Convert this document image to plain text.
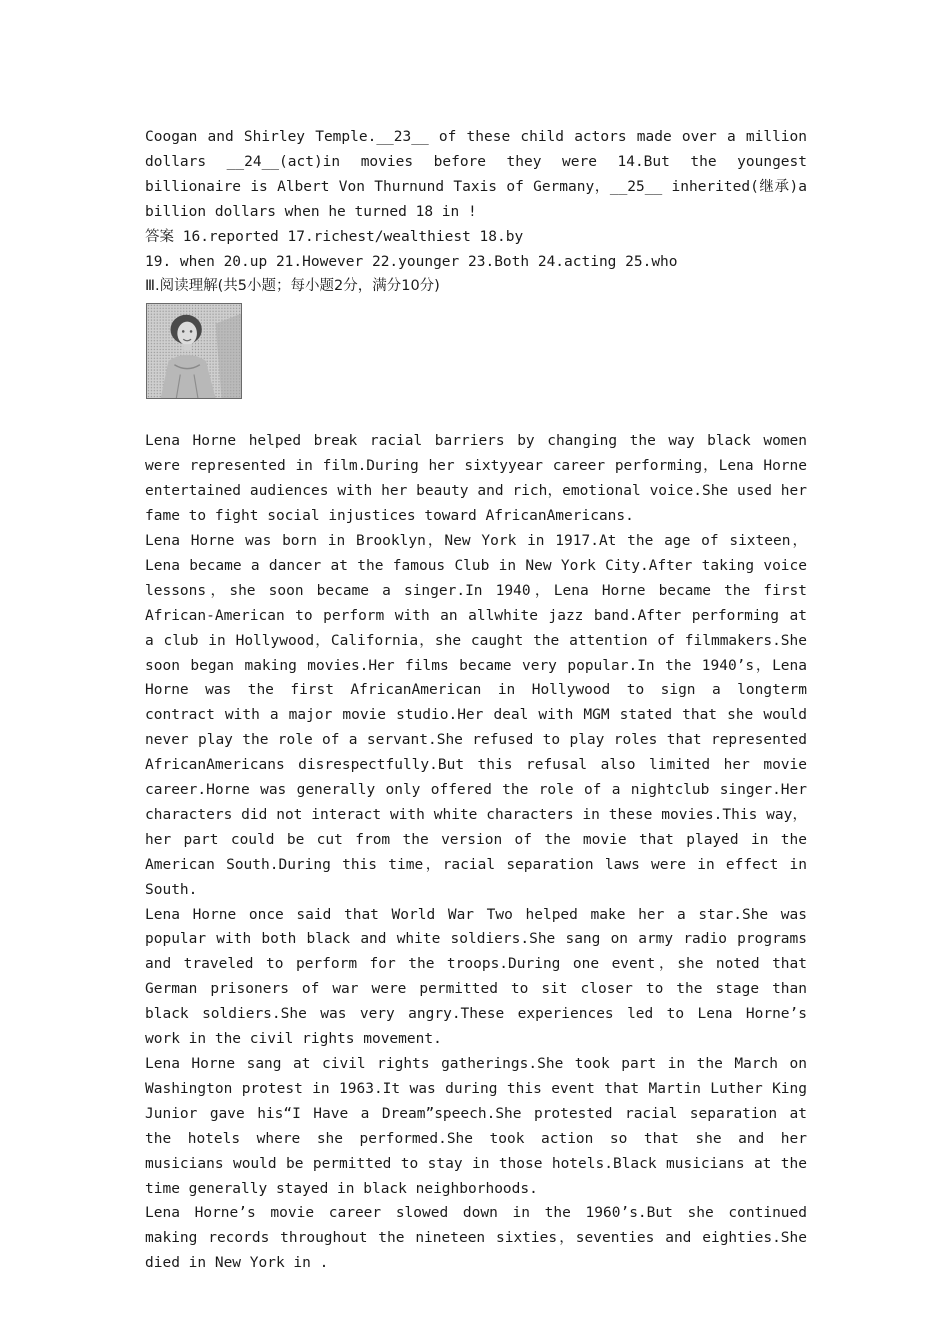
Coogan and Shirley Temple.__23__ of these child actors made over a million dollars __24__(act)in movies before they were 14.But the youngest billionaire is Albert Von Thurnund Taxis of Germany，__25__ inherited(继承)a billion dollars when he turned 18 in !

答案 16.reported 17.richest/wealthiest 18.by

19. when 20.up 21.However 22.younger 23.Both 24.acting 25.who

Ⅲ.阅读理解(共5小题；每小题2分，满分10分)

Lena Horne helped break racial barriers by changing the way black women were represented in film.During her sixtyyear career performing，Lena Horne entertained audiences with her beauty and rich，emotional voice.She used her fame to fight social injustices toward AfricanAmericans.

Lena Horne was born in Brooklyn，New York in 1917.At the age of sixteen，Lena became a dancer at the famous Club in New York City.After taking voice lessons，she soon became a singer.In 1940，Lena Horne became the first African-American to perform with an allwhite jazz band.After performing at a club in Hollywood，California，she caught the attention of filmmakers.She soon began making movies.Her films became very popular.In the 1940’s，Lena Horne was the first AfricanAmerican in Hollywood to sign a longterm contract with a major movie studio.Her deal with MGM stated that she would never play the role of a servant.She refused to play roles that represented AfricanAmericans disrespectfully.But this refusal also limited her movie career.Horne was generally only offered the role of a nightclub singer.Her characters did not interact with white characters in these movies.This way，her part could be cut from the version of the movie that played in the American South.During this time，racial separation laws were in effect in South.

Lena Horne once said that World War Two helped make her a star.She was popular with both black and white soldiers.She sang on army radio programs and traveled to perform for the troops.During one event，she noted that German prisoners of war were permitted to sit closer to the stage than black soldiers.She was very angry.These experiences led to Lena Horne’s work in the civil rights movement.

Lena Horne sang at civil rights gatherings.She took part in the March on Washington protest in 1963.It was during this event that Martin Luther King Junior gave his“I Have a Dream”speech.She protested racial separation at the hotels where she performed.She took action so that she and her musicians would be permitted to stay in those hotels.Black musicians at the time generally stayed in black neighborhoods.

Lena Horne’s movie career slowed down in the 1960’s.But she continued making records throughout the nineteen sixties，seventies and eighties.She died in New York in .
